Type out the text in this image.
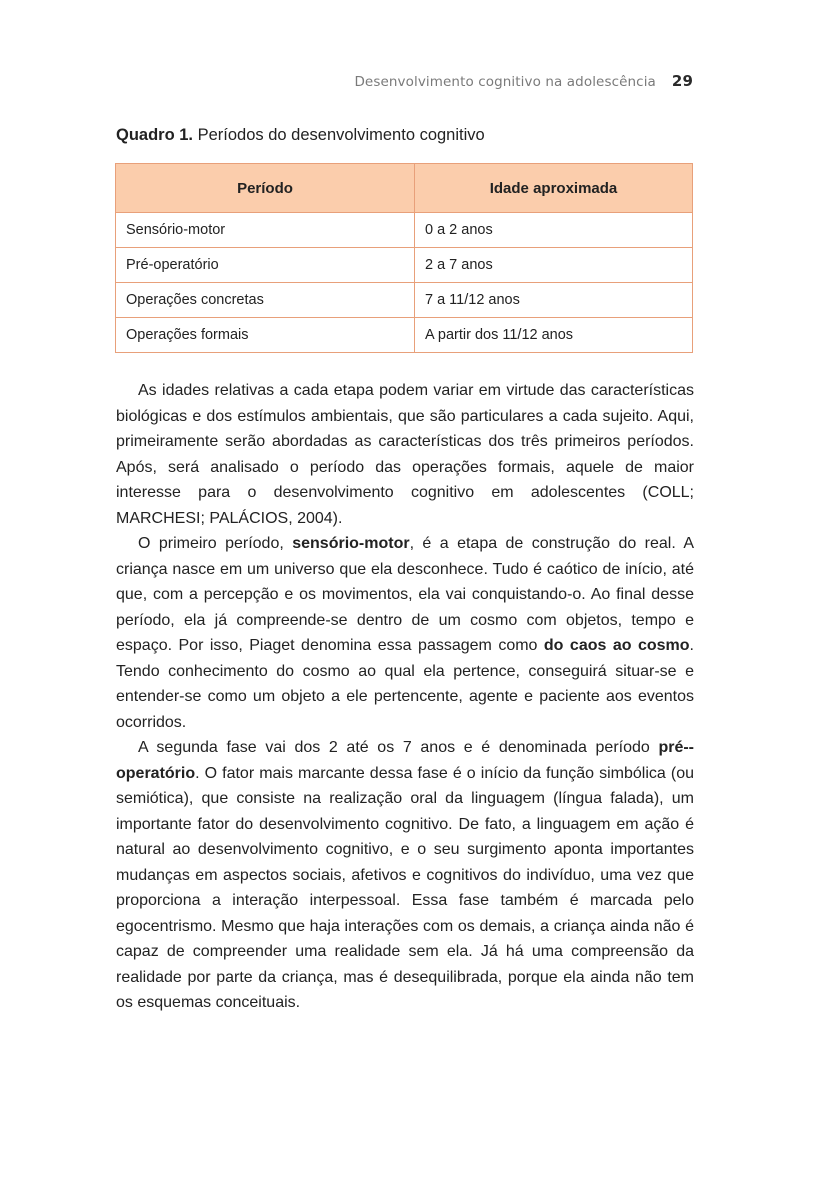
Desenvolvimento cognitivo na adolescência 29
Quadro 1. Períodos do desenvolvimento cognitivo
Período	Idade aproximada
Sensório-motor	0 a 2 anos
Pré-operatório	2 a 7 anos
Operações concretas	7 a 11/12 anos
Operações formais	A partir dos 11/12 anos

As idades relativas a cada etapa podem variar em virtude das características biológicas e dos estímulos ambientais, que são particulares a cada sujeito. Aqui, primeiramente serão abordadas as características dos três primeiros períodos. Após, será analisado o período das operações formais, aquele de maior interesse para o desenvolvimento cognitivo em adolescentes (COLL; MARCHESI; PALÁCIOS, 2004).

O primeiro período, sensório-motor, é a etapa de construção do real. A criança nasce em um universo que ela desconhece. Tudo é caótico de início, até que, com a percepção e os movimentos, ela vai conquistando-o. Ao final desse período, ela já compreende-se dentro de um cosmo com objetos, tempo e espaço. Por isso, Piaget denomina essa passagem como do caos ao cosmo. Tendo conhecimento do cosmo ao qual ela pertence, conseguirá situar-se e entender-se como um objeto a ele pertencente, agente e paciente aos eventos ocorridos.

A segunda fase vai dos 2 até os 7 anos e é denominada período pré--operatório. O fator mais marcante dessa fase é o início da função simbólica (ou semiótica), que consiste na realização oral da linguagem (língua falada), um importante fator do desenvolvimento cognitivo. De fato, a linguagem em ação é natural ao desenvolvimento cognitivo, e o seu surgimento aponta importantes mudanças em aspectos sociais, afetivos e cognitivos do indivíduo, uma vez que proporciona a interação interpessoal. Essa fase também é marcada pelo egocentrismo. Mesmo que haja interações com os demais, a criança ainda não é capaz de compreender uma realidade sem ela. Já há uma compreensão da realidade por parte da criança, mas é desequilibrada, porque ela ainda não tem os esquemas conceituais.
